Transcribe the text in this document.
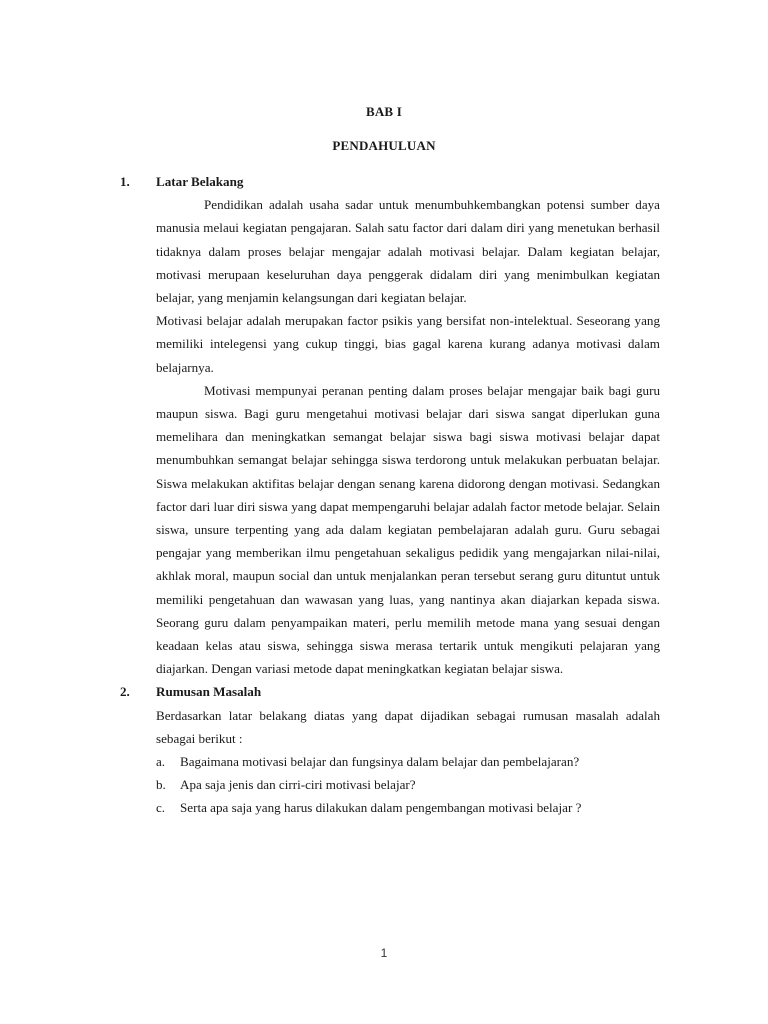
BAB I
PENDAHULUAN
1. Latar Belakang

Pendidikan adalah usaha sadar untuk menumbuhkembangkan potensi sumber daya manusia melaui kegiatan pengajaran. Salah satu factor dari dalam diri yang menetukan berhasil tidaknya dalam proses belajar mengajar adalah motivasi belajar. Dalam kegiatan belajar, motivasi merupaan keseluruhan daya penggerak didalam diri yang menimbulkan kegiatan belajar, yang menjamin kelangsungan dari kegiatan belajar.

Motivasi belajar adalah merupakan factor psikis yang bersifat non-intelektual. Seseorang yang memiliki intelegensi yang cukup tinggi, bias gagal karena kurang adanya motivasi dalam belajarnya.

Motivasi mempunyai peranan penting dalam proses belajar mengajar baik bagi guru maupun siswa. Bagi guru mengetahui motivasi belajar dari siswa sangat diperlukan guna memelihara dan meningkatkan semangat belajar siswa bagi siswa motivasi belajar dapat menumbuhkan semangat belajar sehingga siswa terdorong untuk melakukan perbuatan belajar. Siswa melakukan aktifitas belajar dengan senang karena didorong dengan motivasi. Sedangkan factor dari luar diri siswa yang dapat mempengaruhi belajar adalah factor metode belajar. Selain siswa, unsure terpenting yang ada dalam kegiatan pembelajaran adalah guru. Guru sebagai pengajar yang memberikan ilmu pengetahuan sekaligus pedidik yang mengajarkan nilai-nilai, akhlak moral, maupun social dan untuk menjalankan peran tersebut serang guru dituntut untuk memiliki pengetahuan dan wawasan yang luas, yang nantinya akan diajarkan kepada siswa. Seorang guru dalam penyampaikan materi, perlu memilih metode mana yang sesuai dengan keadaan kelas atau siswa, sehingga siswa merasa tertarik untuk mengikuti pelajaran yang diajarkan. Dengan variasi metode dapat meningkatkan kegiatan belajar siswa.

2. Rumusan Masalah

Berdasarkan latar belakang diatas yang dapat dijadikan sebagai rumusan masalah adalah sebagai berikut :

a. Bagaimana motivasi belajar dan fungsinya dalam belajar dan pembelajaran?
b. Apa saja jenis dan cirri-ciri motivasi belajar?
c. Serta apa saja yang harus dilakukan dalam pengembangan motivasi belajar ?
1
